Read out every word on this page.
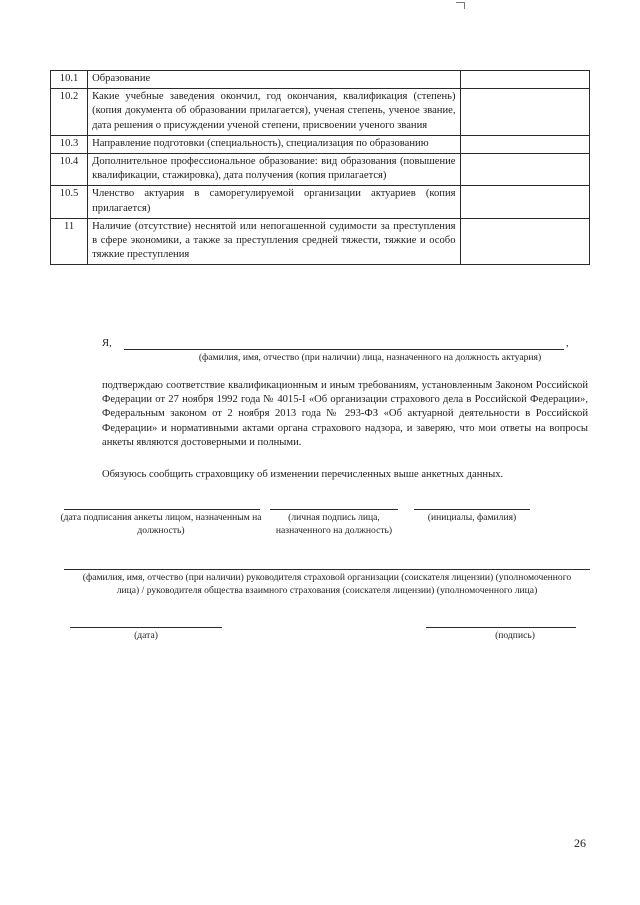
10.1	Образование	

10.2	Какие учебные заведения окончил, год окончания, квалификация (степень) (копия документа об образовании прилагается), ученая степень, ученое звание, дата решения о присуждении ученой степени, присвоении ученого звания	

10.3	Направление подготовки (специальность), специализация по образованию	

10.4	Дополнительное профессиональное образование: вид образования (повышение квалификации, стажировка), дата получения (копия прилагается)	

10.5	Членство актуария в саморегулируемой организации актуариев (копия прилагается)	

11	Наличие (отсутствие) неснятой или непогашенной судимости за преступления в сфере экономики, а также за преступления средней тяжести, тяжкие и особо тяжкие преступления	

Я,	,
(фамилия, имя, отчество (при наличии) лица, назначенного на должность актуария)
подтверждаю соответствие квалификационным и иным требованиям, установленным Законом Российской Федерации от 27 ноября 1992 года № 4015-I «Об организации страхового дела в Российской Федерации», Федеральным законом от 2 ноября 2013 года № 293-ФЗ «Об актуарной деятельности в Российской Федерации» и нормативными актами органа страхового надзора, и заверяю, что мои ответы на вопросы анкеты являются достоверными и полными.
Обязуюсь сообщить страховщику об изменении перечисленных выше анкетных данных.
(дата подписания анкеты лицом, назначенным на должность)
(личная подпись лица, назначенного на должность)
(инициалы, фамилия)
(фамилия, имя, отчество (при наличии) руководителя страховой организации (соискателя лицензии) (уполномоченного лица) / руководителя общества взаимного страхования (соискателя лицензии) (уполномоченного лица)
(дата)	(подпись)
26
